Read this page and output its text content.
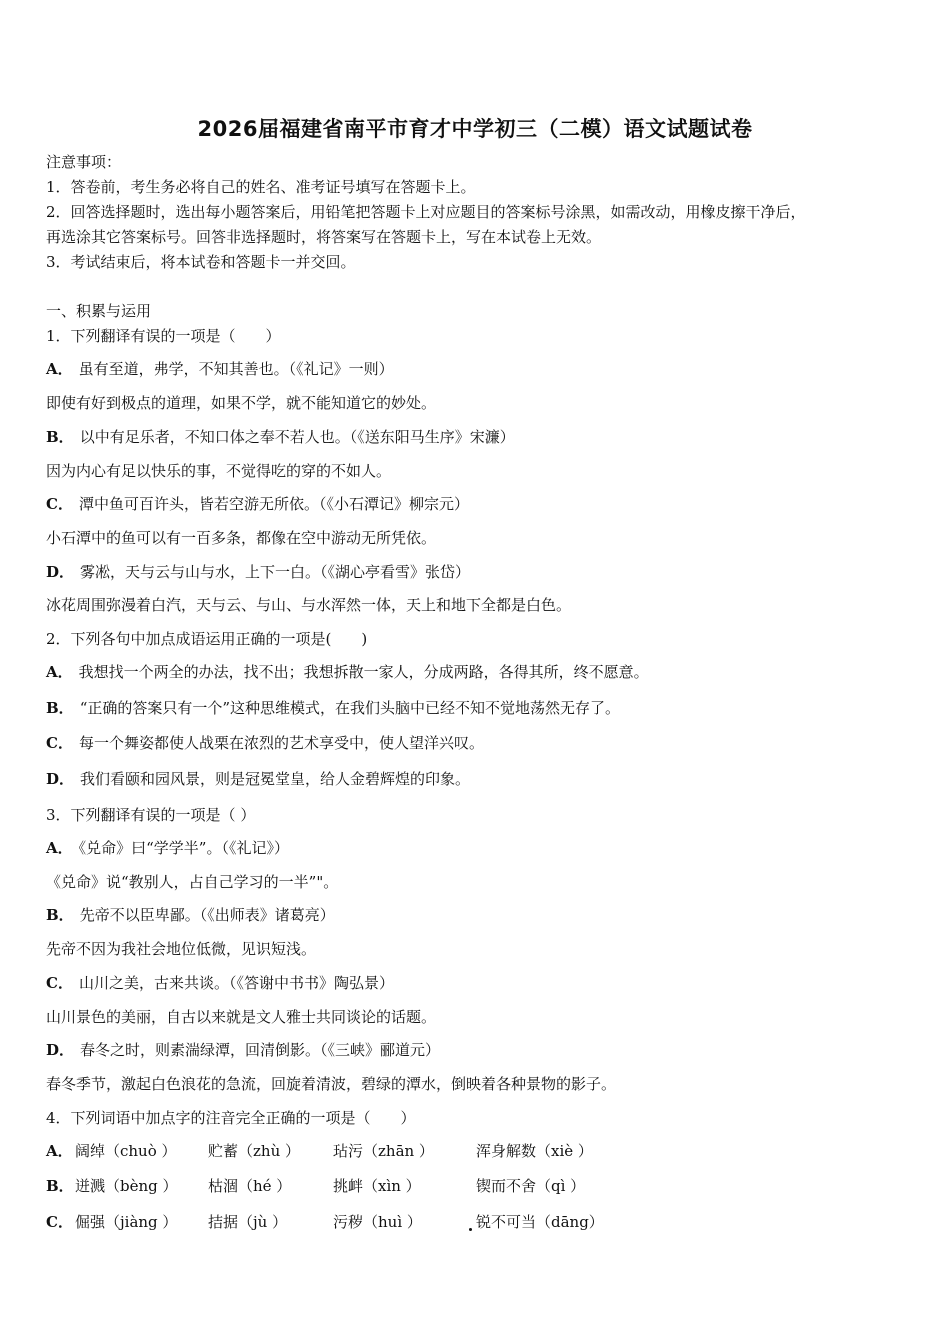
2026届福建省南平市育才中学初三（二模）语文试题试卷
注意事项：
1．答卷前，考生务必将自己的姓名、准考证号填写在答题卡上。
2．回答选择题时，选出每小题答案后，用铅笔把答题卡上对应题目的答案标号涂黑，如需改动，用橡皮擦干净后，
再选涂其它答案标号。回答非选择题时，将答案写在答题卡上，写在本试卷上无效。
3．考试结束后，将本试卷和答题卡一并交回。
一、积累与运用
1．下列翻译有误的一项是（　　）
A． 虽有至道，弗学，不知其善也。（《礼记》一则）
即使有好到极点的道理，如果不学，就不能知道它的妙处。
B． 以中有足乐者，不知口体之奉不若人也。（《送东阳马生序》宋濂）
因为内心有足以快乐的事，不觉得吃的穿的不如人。
C． 潭中鱼可百许头，皆若空游无所依。（《小石潭记》柳宗元）
小石潭中的鱼可以有一百多条，都像在空中游动无所凭依。
D． 雾凇，天与云与山与水，上下一白。（《湖心亭看雪》张岱）
冰花周围弥漫着白汽，天与云、与山、与水浑然一体，天上和地下全都是白色。
2．下列各句中加点成语运用正确的一项是(　　)
A． 我想找一个两全的办法，找不出；我想拆散一家人，分成两路，各得其所，终不愿意。
B． “正确的答案只有一个”这种思维模式，在我们头脑中已经不知不觉地荡然无存了。
C． 每一个舞姿都使人战栗在浓烈的艺术享受中，使人望洋兴叹。
D． 我们看颐和园风景，则是冠冕堂皇，给人金碧辉煌的印象。
3．下列翻译有误的一项是（ ）
A． 《兑命》曰“学学半”。（《礼记》）
《兑命》说“教别人，占自己学习的一半”"。
B． 先帝不以臣卑鄙。（《出师表》诸葛亮）
先帝不因为我社会地位低微，见识短浅。
C． 山川之美，古来共谈。（《答谢中书书》陶弘景）
山川景色的美丽，自古以来就是文人雅士共同谈论的话题。
D． 春冬之时，则素湍绿潭，回清倒影。（《三峡》郦道元）
春冬季节，激起白色浪花的急流，回旋着清波，碧绿的潭水，倒映着各种景物的影子。
4．下列词语中加点字的注音完全正确的一项是（　　）
A． 阔绰（chuò ） 贮蓄（zhù ） 玷污（zhān ）	浑身解数（xiè ）
B． 迸溅（bèng ） 枯涸（hé ）	挑衅（xìn ）	锲而不舍（qì ）
C． 倔强（jiàng ） 拮据（jù ）	污秽（huì ）	锐不可当（dāng）
